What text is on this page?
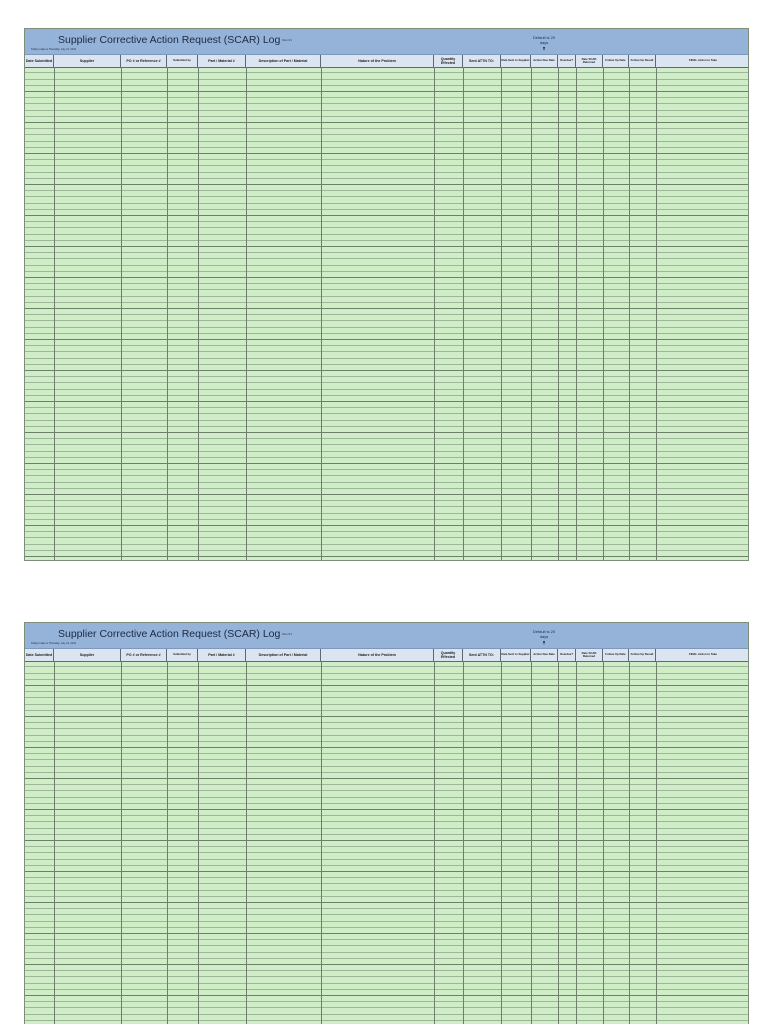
Supplier Corrective Action Request (SCAR) Log Rev 01
Today's date is Thursday, July 21, 2011
Default is 20 days
Date Submitted	Supplier	PO # or Reference #	Submitted by	Part / Material #	Description of Part / Material	Nature of the Problem	Quantity Effected	Sent ATTN TO:	Date Sent to Supplier	Action Due Date	Overdue?	Date SCAR Returned	Follow Up Date	Follow Up Result	FINAL Action to Take
Supplier Corrective Action Request (SCAR) Log Rev 01
Today's date is Thursday, July 21, 2011
Default is 20 days
Date Submitted	Supplier	PO # or Reference #	Submitted by	Part / Material #	Description of Part / Material	Nature of the Problem	Quantity Effected	Sent ATTN TO:	Date Sent to Supplier	Action Due Date	Overdue?	Date SCAR Returned	Follow Up Date	Follow Up Result	FINAL Action to Take
